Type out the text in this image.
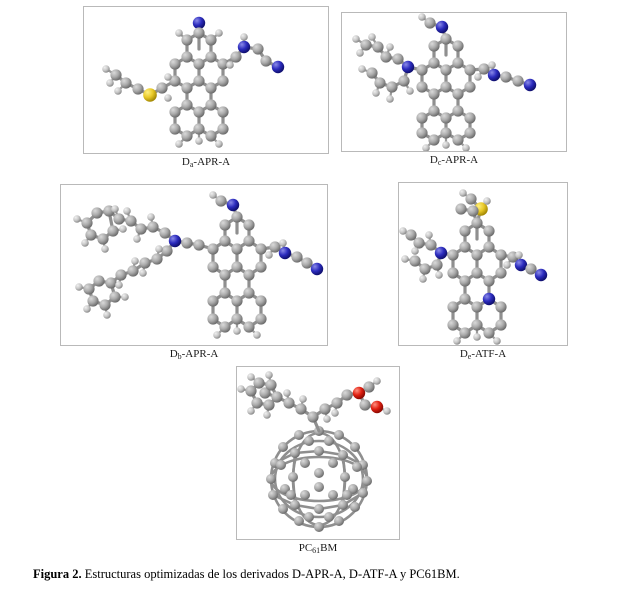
$D_a-APR-A$	$D_c-APR-A$
$D_b-APR-A$	$D_e-ATF-A$
$PC_{61}BM$
Figura 2. Estructuras optimizadas de los derivados D-APR-A, D-ATF-A y PC61BM.
